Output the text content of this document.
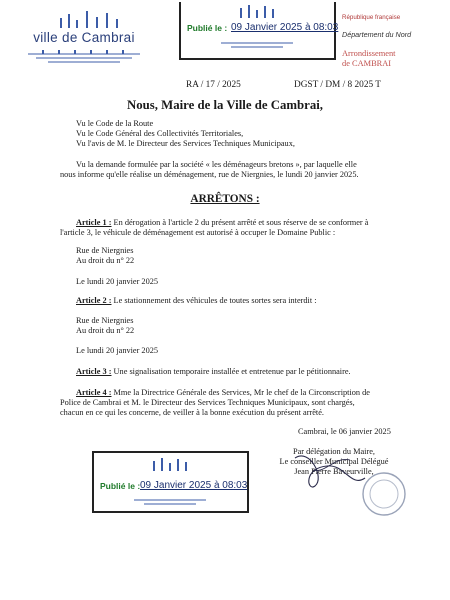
ville de Cambrai
Publié le : 09 Janvier 2025 à 08:03
République française
Département du Nord
Arrondissement
de CAMBRAI
RA / 17 / 2025	DGST / DM / 8 2025 T
Nous, Maire de la Ville de Cambrai,
Vu le Code de la Route
Vu le Code Général des Collectivités Territoriales,
Vu l'avis de M. le Directeur des Services Techniques Municipaux,
Vu la demande formulée par la société « les déménageurs bretons », par laquelle elle
nous informe qu'elle réalise un déménagement, rue de Niergnies, le lundi 20 janvier 2025.
ARRÊTONS :
Article 1 : En dérogation à l'article 2 du présent arrêté et sous réserve de se conformer à
l'article 3, le véhicule de déménagement est autorisé à occuper le Domaine Public :
Rue de Niergnies
Au droit du n° 22
Le lundi 20 janvier 2025
Article 2 : Le stationnement des véhicules de toutes sortes sera interdit :
Rue de Niergnies
Au droit du n° 22
Le lundi 20 janvier 2025
Article 3 : Une signalisation temporaire installée et entretenue par le pétitionnaire.
Article 4 : Mme la Directrice Générale des Services, Mr le chef de la Circonscription de
Police de Cambrai et M. le Directeur des Services Techniques Municipaux, sont chargés,
chacun en ce qui les concerne, de veiller à la bonne exécution du présent arrêté.
Cambrai, le 06 janvier 2025
Par délégation du Maire,
Le conseiller Municipal Délégué
Jean Pierre Baveurville,
Publié le : 09 Janvier 2025 à 08:03
